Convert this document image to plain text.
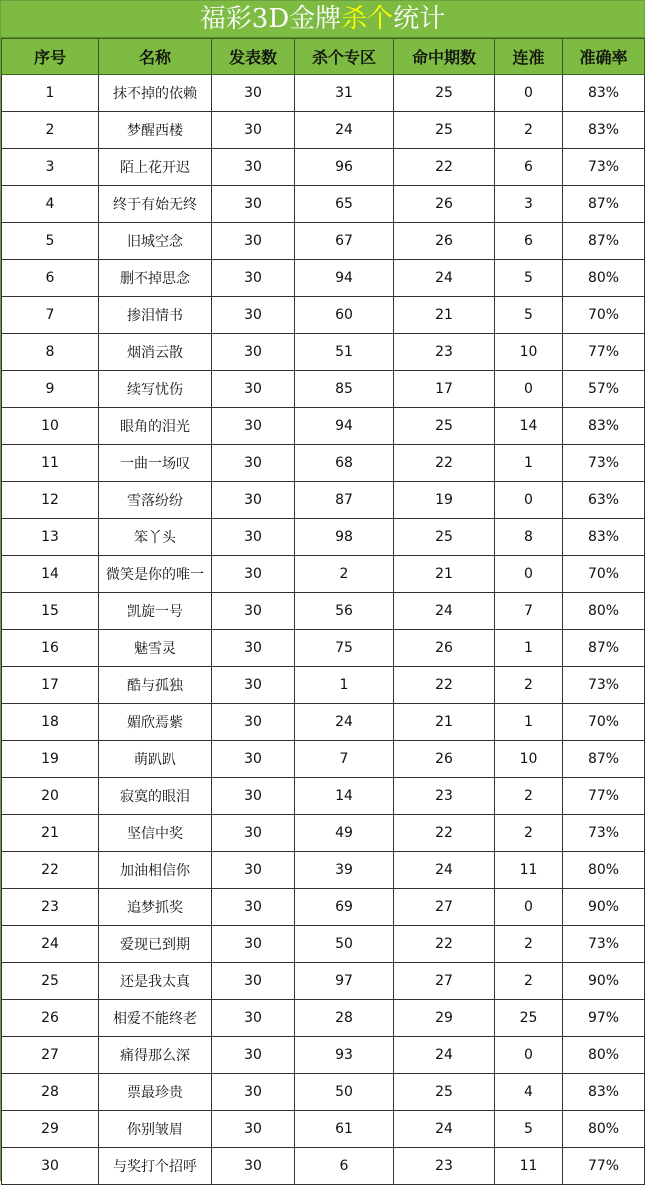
福彩3D金牌杀个统计
序号	名称	发表数	杀个专区	命中期数	连准	准确率
1	抹不掉的依赖	30	31	25	0	83%
2	梦醒西楼	30	24	25	2	83%
3	陌上花开迟	30	96	22	6	73%
4	终于有始无终	30	65	26	3	87%
5	旧城空念	30	67	26	6	87%
6	删不掉思念	30	94	24	5	80%
7	掺泪情书	30	60	21	5	70%
8	烟消云散	30	51	23	10	77%
9	续写忧伤	30	85	17	0	57%
10	眼角的泪光	30	94	25	14	83%
11	一曲一场叹	30	68	22	1	73%
12	雪落纷纷	30	87	19	0	63%
13	笨丫头	30	98	25	8	83%
14	微笑是你的唯一	30	2	21	0	70%
15	凯旋一号	30	56	24	7	80%
16	魅雪灵	30	75	26	1	87%
17	酷与孤独	30	1	22	2	73%
18	媚欣焉紫	30	24	21	1	70%
19	萌趴趴	30	7	26	10	87%
20	寂寞的眼泪	30	14	23	2	77%
21	坚信中奖	30	49	22	2	73%
22	加油相信你	30	39	24	11	80%
23	追梦抓奖	30	69	27	0	90%
24	爱现已到期	30	50	22	2	73%
25	还是我太真	30	97	27	2	90%
26	相爱不能终老	30	28	29	25	97%
27	痛得那么深	30	93	24	0	80%
28	票最珍贵	30	50	25	4	83%
29	你别皱眉	30	61	24	5	80%
30	与奖打个招呼	30	6	23	11	77%
